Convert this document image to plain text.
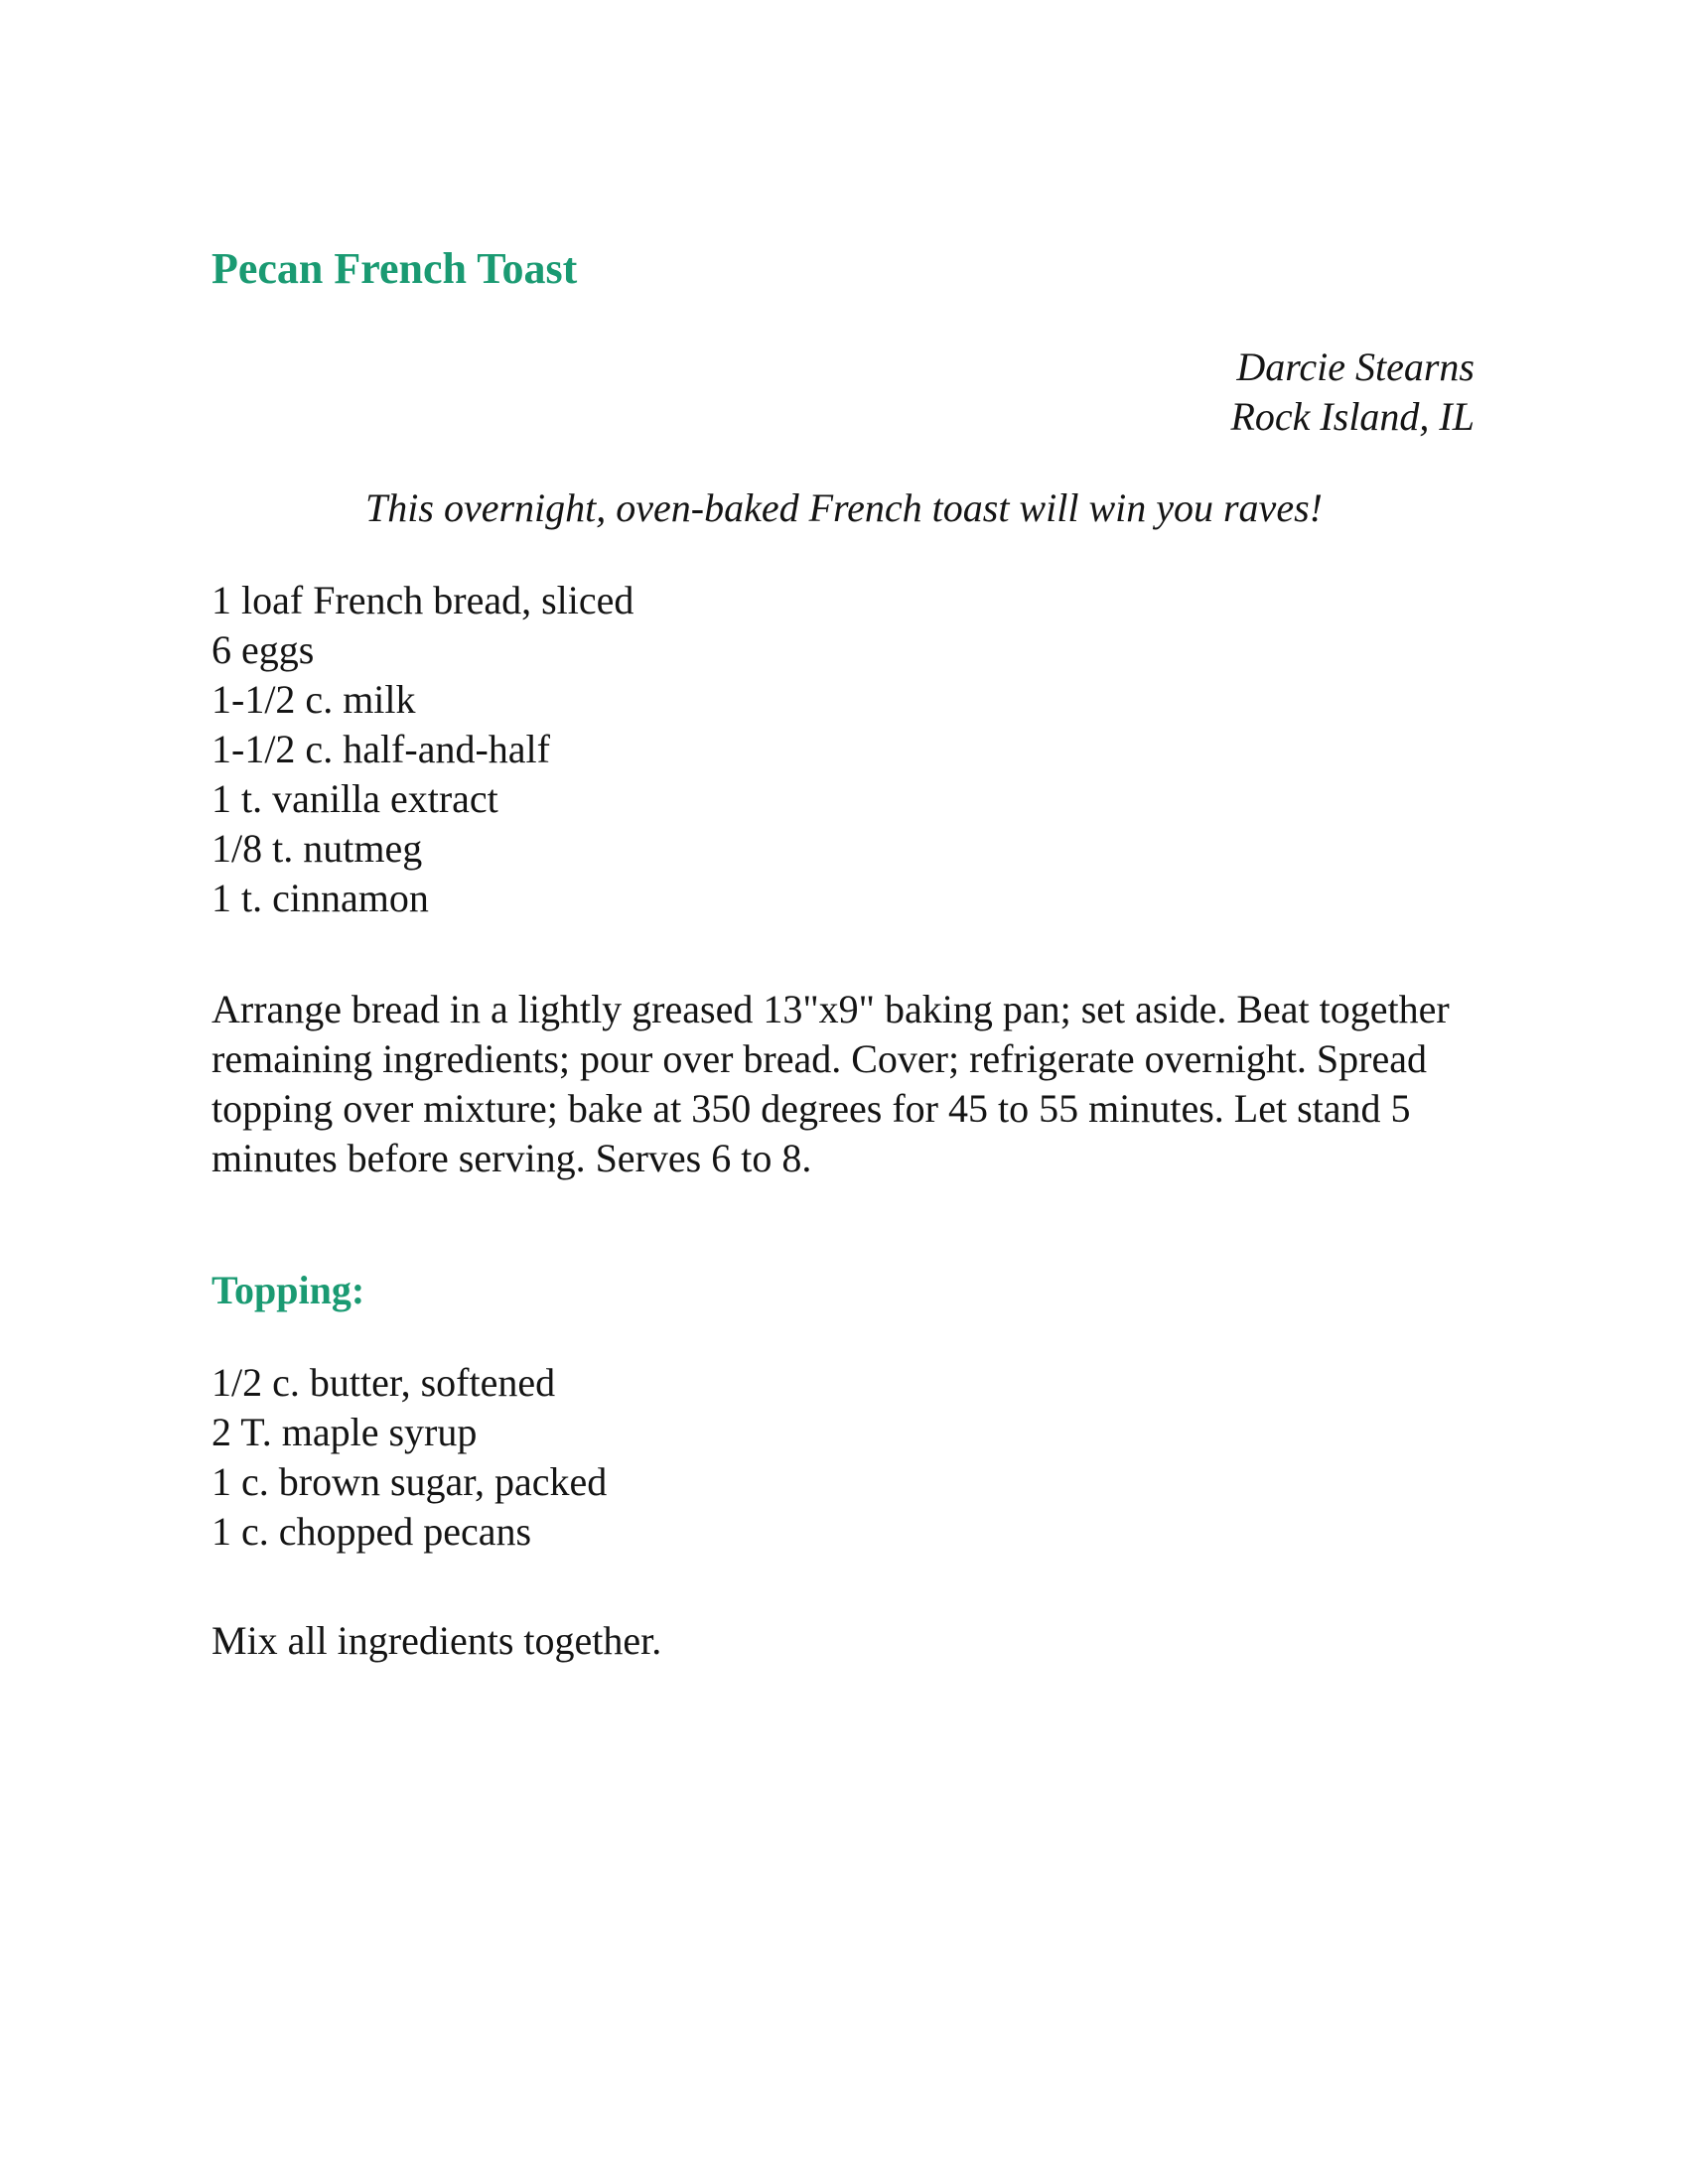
Pecan French Toast
Darcie Stearns
Rock Island, IL
This overnight, oven-baked French toast will win you raves!
1 loaf French bread, sliced
6 eggs
1-1/2 c. milk
1-1/2 c. half-and-half
1 t. vanilla extract
1/8 t. nutmeg
1 t. cinnamon

Arrange bread in a lightly greased 13"x9" baking pan; set aside. Beat together remaining ingredients; pour over bread. Cover; refrigerate overnight. Spread topping over mixture; bake at 350 degrees for 45 to 55 minutes. Let stand 5 minutes before serving. Serves 6 to 8.

Topping:
1/2 c. butter, softened
2 T. maple syrup
1 c. brown sugar, packed
1 c. chopped pecans

Mix all ingredients together.
